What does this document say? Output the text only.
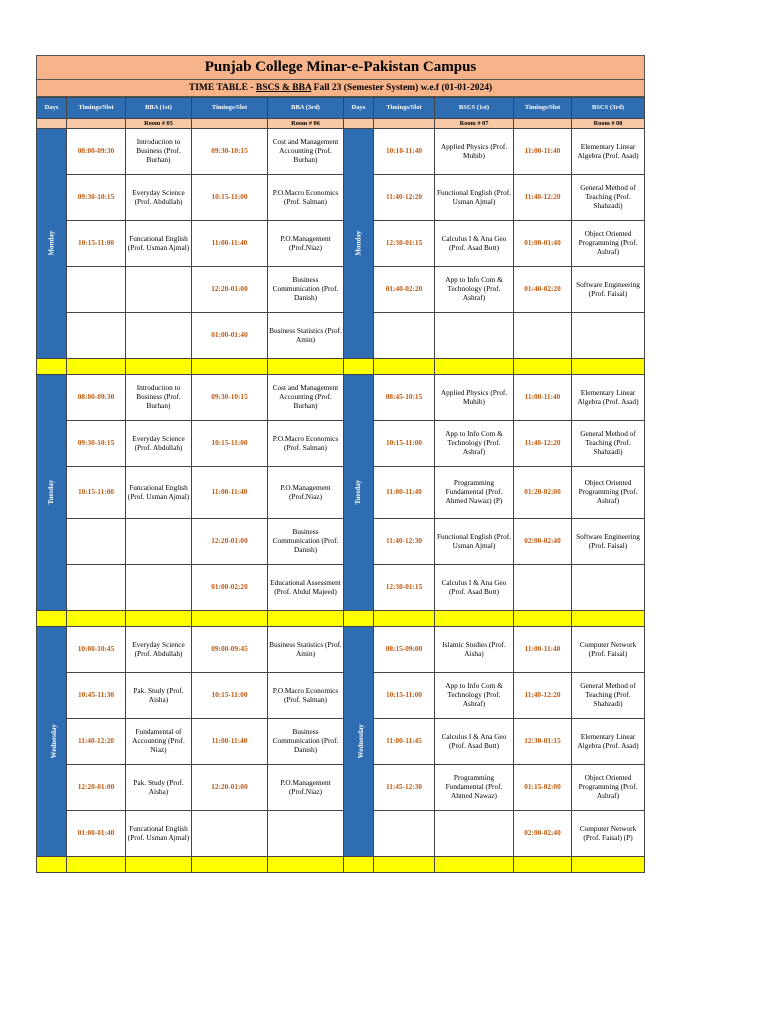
Punjab College Minar-e-Pakistan Campus
TIME TABLE - BSCS & BBA Fall 23 (Semester System) w.e.f (01-01-2024)
Days	Timings/Slot	BBA (1st)	Timings/Slot	BBA (3rd)	Days	Timings/Slot	BSCS (1st)	Timings/Slot	BSCS (3rd)
		Room # 05		Room # 06			Room # 07		Room # 08
Monday	08:00-09:30	Introduction to Business (Prof. Burhan)	09:30-10:15	Cost and Management Accounting (Prof. Burhan)	Monday	10:10-11:40	Applied Physics (Prof. Muhib)	11:00-11:40	Elementary Linear Algebra (Prof. Asad)
	09:30-10:15	Everyday Science (Prof. Abdullah)	10:15-11:00	P.O.Macro Economics (Prof. Salman)		11:40-12:20	Functional English (Prof. Usman Ajmal)	11:40-12:20	General Method of Teaching (Prof. Shahzadi)
	10:15-11:00	Funcational English (Prof. Usman Ajmal)	11:00-11:40	P.O.Management (Prof.Niaz)		12:30-01:15	Calculus I & Ana Geo (Prof. Asad Butt)	01:00-01:40	Object Oriented Programming (Prof. Ashraf)
			12:20-01:00	Business Communication (Prof. Danish)		01:40-02:20	App to Info Com & Technology (Prof. Ashraf)	01:40-02:20	Software Engineering (Prof. Faisal)
			01:00-01:40	Business Statistics (Prof. Amin)					

Tuesday	08:00-09:30	Introduction to Business (Prof. Burhan)	09:30-10:15	Cost and Management Accounting (Prof. Burhan)	Tuesday	08:45-10:15	Applied Physics (Prof. Muhib)	11:00-11:40	Elementary Linear Algebra (Prof. Asad)
	09:30-10:15	Everyday Science (Prof. Abdullah)	10:15-11:00	P.O.Macro Economics (Prof. Salman)		10:15-11:00	App to Info Com & Technology (Prof. Ashraf)	11:40-12:20	General Method of Teaching (Prof. Shahzadi)
	10:15-11:00	Funcational English (Prof. Usman Ajmal)	11:00-11:40	P.O.Management (Prof.Niaz)		11:00-11:40	Programming Fundamental (Prof. Ahmed Nawaz) (P)	01:20-02:00	Object Oriented Programming (Prof. Ashraf)
			12:20-01:00	Business Communication (Prof. Danish)		11:40-12:30	Functional English (Prof. Usman Ajmal)	02:00-02:40	Software Engineering (Prof. Faisal)
			01:00-02:20	Educational Assessment (Prof. Abdul Majeed)		12:30-01:15	Calculus I & Ana Geo (Prof. Asad Butt)		

Wednesday	10:00-10:45	Everyday Science (Prof. Abdullah)	09:00-09:45	Business Statistics (Prof. Amin)	Wednesday	08:15-09:00	Islamic Studies (Prof. Aisha)	11:00-11:40	Computer Network (Prof. Faisal)
	10:45-11:30	Pak. Study (Prof. Aisha)	10:15-11:00	P.O.Macro Economics (Prof. Salman)		10:15-11:00	App to Info Com & Technology (Prof. Ashraf)	11:40-12:20	General Method of Teaching (Prof. Shahzadi)
	11:40-12:20	Fundamental of Accounting (Prof. Niaz)	11:00-11:40	Business Communication (Prof. Danish)		11:00-11:45	Calculus I & Ana Geo (Prof. Asad Butt)	12:30-01:15	Elementary Linear Algebra (Prof. Asad)
	12:20-01:00	Pak. Study (Prof. Aisha)	12:20-01:00	P.O.Management (Prof.Niaz)		11:45-12:30	Programming Fundamental (Prof. Ahmed Nawaz)	01:15-02:00	Object Oriented Programming (Prof. Ashraf)
	01:00-01:40	Funcational English (Prof. Usman Ajmal)						02:00-02:40	Computer Network (Prof. Faisal) (P)
